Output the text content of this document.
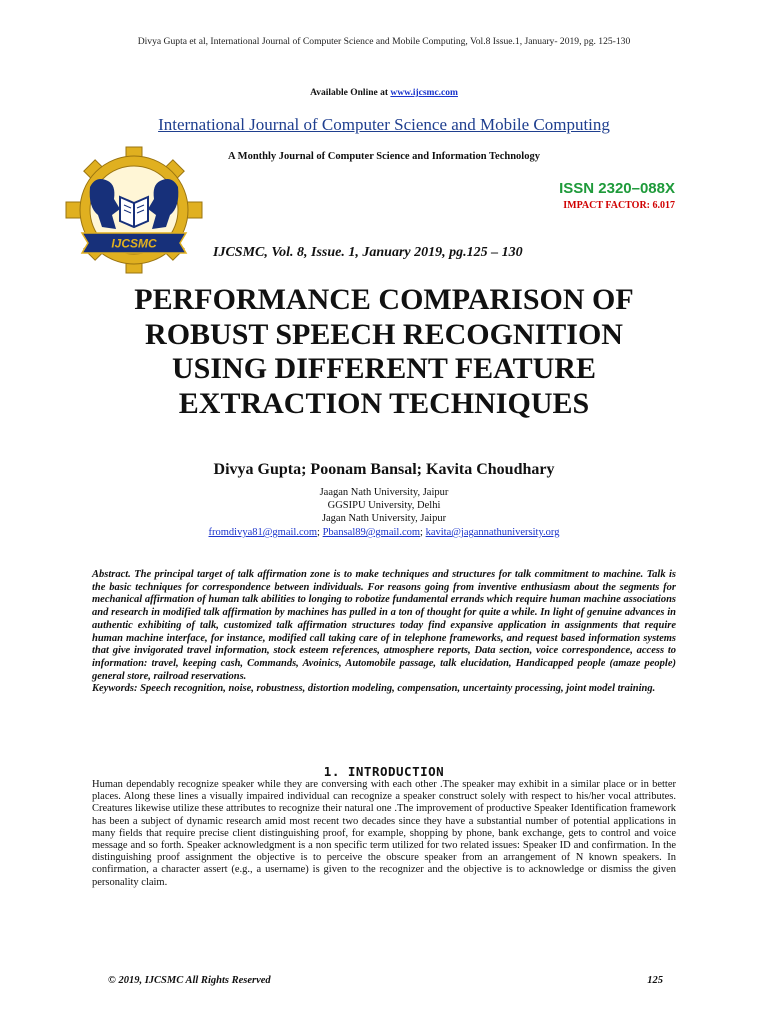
Divya Gupta et al, International Journal of Computer Science and Mobile Computing, Vol.8 Issue.1, January- 2019, pg. 125-130
Available Online at www.ijcsmc.com
International Journal of Computer Science and Mobile Computing
A Monthly Journal of Computer Science and Information Technology
IJCSMC
ISSN 2320–088X
IMPACT FACTOR: 6.017
IJCSMC, Vol. 8, Issue. 1, January 2019, pg.125 – 130
PERFORMANCE COMPARISON OF
ROBUST SPEECH RECOGNITION
USING DIFFERENT FEATURE
EXTRACTION TECHNIQUES
Divya Gupta; Poonam Bansal; Kavita Choudhary
Jaagan Nath University, Jaipur
GGSIPU University, Delhi
Jagan Nath University, Jaipur
fromdivya81@gmail.com; Pbansal89@gmail.com; kavita@jagannathuniversity.org
Abstract. The principal target of talk affirmation zone is to make techniques and structures for talk commitment to machine. Talk is the basic techniques for correspondence between individuals. For reasons going from inventive enthusiasm about the segments for mechanical affirmation of human talk abilities to longing to robotize fundamental errands which require human machine associations and research in modified talk affirmation by machines has pulled in a ton of thought for quite a while. In light of genuine advances in authentic exhibiting of talk, customized talk affirmation structures today find expansive application in assignments that require human machine interface, for instance, modified call taking care of in telephone frameworks, and request based information systems that give invigorated travel information, stock esteem references, atmosphere reports, Data section, voice correspondence, access to information: travel, keeping cash, Commands, Avoinics, Automobile passage, talk elucidation, Handicapped people (amaze people) general store, railroad reservations.
Keywords: Speech recognition, noise, robustness, distortion modeling, compensation, uncertainty processing, joint model training.
1. INTRODUCTION
Human dependably recognize speaker while they are conversing with each other .The speaker may exhibit in a similar place or in better places. Along these lines a visually impaired individual can recognize a speaker construct solely with respect to his/her vocal attributes. Creatures likewise utilize these attributes to recognize their natural one .The improvement of productive Speaker Identification framework has been a subject of dynamic research amid most recent two decades since they have a substantial number of potential applications in many fields that require precise client distinguishing proof, for example, shopping by phone, bank exchange, gets to control and voice message and so forth. Speaker acknowledgment is a non specific term utilized for two related issues: Speaker ID and confirmation. In the distinguishing proof assignment the objective is to perceive the obscure speaker from an arrangement of N known speakers. In confirmation, a character assert (e.g., a username) is given to the recognizer and the objective is to acknowledge or dismiss the given personality claim.
© 2019, IJCSMC All Rights Reserved	125
